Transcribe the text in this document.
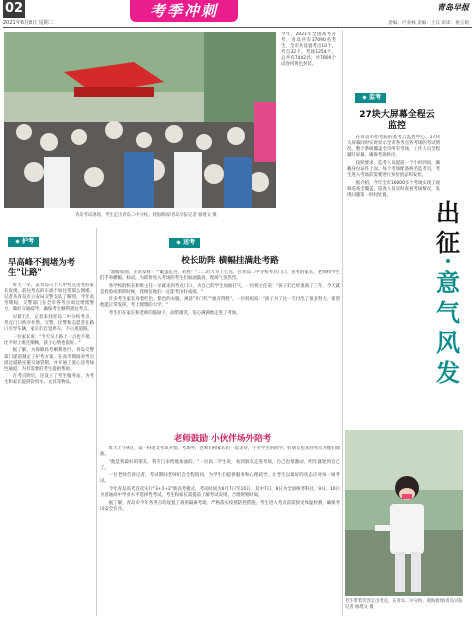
02
2021年6月8日 星期二
考季冲刺	青岛早报
责编：卢亚林 美编：王宾 审读：侯玉娟
青岛考试现场，考生走出青岛二中分校。观海新闻/青岛早报记者 杨增文 摄
今年，2021年全国高考开考，青岛共有37090名考生，全市共设置考点10个，考点32个，考场1254个，总共有7442名，共7800个试卷用黄色封装。
监考
27块大屏幕全程云监控

在青岛市招考院的高考云监控中心，27块大屏幕同时实时显示全市各考点各考场的考试情况，整个系统覆盖全市所有考场，工作人员全程紧盯屏幕，确保考场秩序。

按照要求，监考人员提前一个小时到岗，佩戴身份证件上岗。每个考场配备两名监考员，考生进入考场前需要进行身份验证和安检。

据介绍，今年全市16000多个考场实现了视频巡查全覆盖，巡查人员实时查看考场情况，发现问题第一时间处置。

出
征
意
气
风
发
考生带着笑容走出考点，在青岛二中分校。观海新闻/青岛早报记者 杨增文 摄
护考
早高峰不拥堵为考生"让路"

昨天一早，去青岛六十八中考点送考的家长发现，前往考点的车流不如往常那么拥堵。记者从青岛市公安局交警支队了解到，今年高考期间，交警部门在全市各考点周边增派警力，做好交通疏导，确保考生顺利到达考点。

早晨7点，记者来到青岛二中分校考点，考点门口秩序井然。交警、民警和志愿者在路口引导车辆，家长们自觉停车，不占用道路。

一位家长说："今天早上路上一点也不堵，比平时上班还顺畅，孩子心情也很好。"

据了解，为保障高考顺利进行，青岛交警部门提前制定了护考方案，在高考期间对考点周边道路实施交通管制，并开通了爱心送考绿色通道，为有需要的考生提供帮助。

在考点附近，还设立了考生服务站，为考生和家长提供饮用水、文具等物品。

送考
校长助阵 横幅挂满赴考路

"超级加油，正常发挥！""破釜沉舟，必胜！"……昨天早上七点，在青岛二中分校考点门口，送考的家长、老师和学生们手举横幅、标语，为即将进入考场的考生们加油鼓劲，现场气氛热烈。

各学校的校长和班主任一早就来到考点门口，为自己的学生加油打气。一位班主任说："孩子们已经准备了三年，今天就是检验成果的时候，我相信他们一定能考出好成绩。"

许多考生家长身着红色、紫色的衣服，寓意"开门红""旗开得胜"。一位妈妈说："孩子为了这一天付出了很多努力，希望他能正常发挥，考上理想的大学。"

考生们在家长和老师的鼓励下，面带微笑，信心满满地走进了考场。

老师鼓励 小伙伴场外陪考

昨天上午9点，第一科语文考试开始。考场外，老师们和家长们一起等待，不少学生的同学、好朋友也来到考点为他们加油。

"他是我最好的朋友，我专门来给他加油的。"一位高二学生说，看到朋友走进考场，自己也很激动，明年就轮到自己了。

一位老师告诉记者，考试期间老师们会全程陪同，为学生们提供服务和心理疏导，让考生以最好的状态应对每一场考试。

今年青岛高考首次实行"3+1+2"新高考模式，考试时间为6月7日至10日，其中7日、8日为全国统考科目，9日、10日为普通高中学业水平选择性考试。考生和家长需提前了解考试安排，合理规划时间。

据了解，青岛市今年各考点均设置了备用隔离考场，严格落实疫情防控措施，考生进入考点前需接受体温检测，确保考试安全有序。
